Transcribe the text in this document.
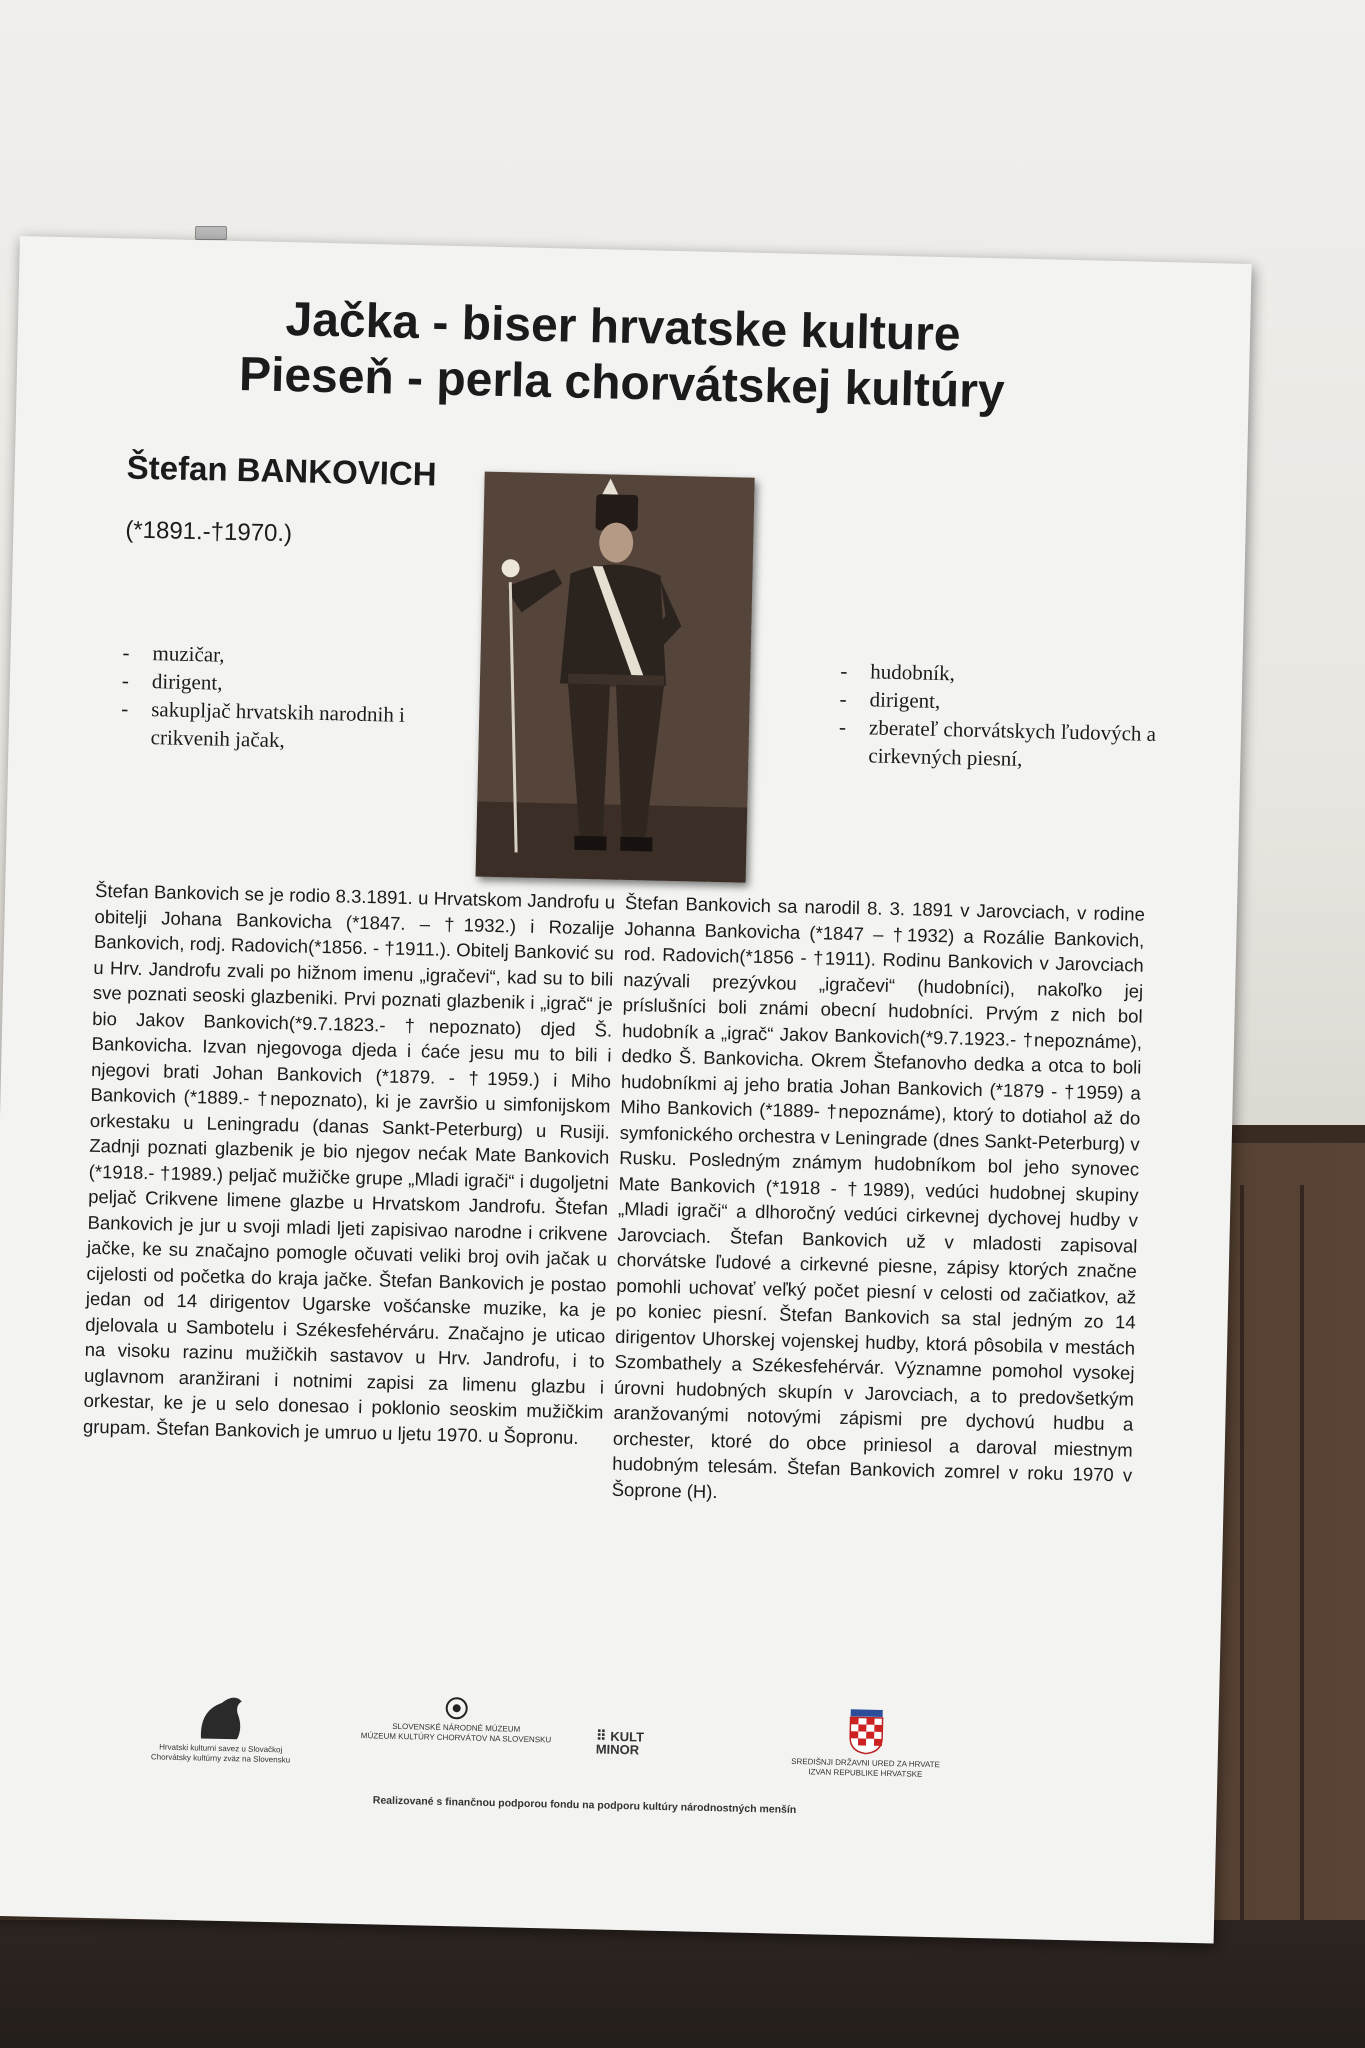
Jačka - biser hrvatske kulture
Pieseň - perla chorvátskej kultúry
Štefan BANKOVICH
(*1891.-†1970.)
- muzičar,
- dirigent,
- sakupljač hrvatskih narodnih i crikvenih jačak,
- hudobník,
- dirigent,
- zberateľ chorvátskych ľudových a cirkevných piesní,
Štefan Bankovich se je rodio 8.3.1891. u Hrvatskom Jandrofu u obitelji Johana Bankovicha (*1847. – †1932.) i Rozalije Bankovich, rodj. Radovich(*1856. - †1911.). Obitelj Banković su u Hrv. Jandrofu zvali po hižnom imenu „igračevi“, kad su to bili sve poznati seoski glazbeniki. Prvi poznati glazbenik i „igrač“ je bio Jakov Bankovich(*9.7.1823.- †nepoznato) djed Š. Bankovicha. Izvan njegovoga djeda i ćaće jesu mu to bili i njegovi brati Johan Bankovich (*1879. - †1959.) i Miho Bankovich (*1889.- †nepoznato), ki je završio u simfonijskom orkestaku u Leningradu (danas Sankt-Peterburg) u Rusiji. Zadnji poznati glazbenik je bio njegov nećak Mate Bankovich (*1918.- †1989.) peljač mužičke grupe „Mladi igrači“ i dugoljetni peljač Crikvene limene glazbe u Hrvatskom Jandrofu. Štefan Bankovich je jur u svoji mladi ljeti zapisivao narodne i crikvene jačke, ke su značajno pomogle očuvati veliki broj ovih jačak u cijelosti od početka do kraja jačke. Štefan Bankovich je postao jedan od 14 dirigentov Ugarske vošćanske muzike, ka je djelovala u Sambotelu i Székesfehérváru. Značajno je uticao na visoku razinu mužičkih sastavov u Hrv. Jandrofu, i to uglavnom aranžirani i notnimi zapisi za limenu glazbu i orkestar, ke je u selo donesao i poklonio seoskim mužičkim grupam. Štefan Bankovich je umruo u ljetu 1970. u Šopronu.
Štefan Bankovich sa narodil 8. 3. 1891 v Jarovciach, v rodine Johanna Bankovicha (*1847 – †1932) a Rozálie Bankovich, rod. Radovich(*1856 - †1911). Rodinu Bankovich v Jarovciach nazývali prezývkou „igračevi“ (hudobníci), nakoľko jej príslušníci boli známi obecní hudobníci. Prvým z nich bol hudobník a „igrač“ Jakov Bankovich(*9.7.1923.- †nepoznáme), dedko Š. Bankovicha. Okrem Štefanovho dedka a otca to boli hudobníkmi aj jeho bratia Johan Bankovich (*1879 - †1959) a Miho Bankovich (*1889- †nepoznáme), ktorý to dotiahol až do symfonického orchestra v Leningrade (dnes Sankt-Peterburg) v Rusku. Posledným známym hudobníkom bol jeho synovec Mate Bankovich (*1918 - †1989), vedúci hudobnej skupiny „Mladi igrači“ a dlhoročný vedúci cirkevnej dychovej hudby v Jarovciach. Štefan Bankovich už v mladosti zapisoval chorvátske ľudové a cirkevné piesne, zápisy ktorých značne pomohli uchovať veľký počet piesní v celosti od začiatkov, až po koniec piesní. Štefan Bankovich sa stal jedným zo 14 dirigentov Uhorskej vojenskej hudby, ktorá pôsobila v mestách Szombathely a Székesfehérvár. Významne pomohol vysokej úrovni hudobných skupín v Jarovciach, a to predovšetkým aranžovanými notovými zápismi pre dychovú hudbu a orchester, ktoré do obce priniesol a daroval miestnym hudobným telesám. Štefan Bankovich zomrel v roku 1970 v Šoprone (H).
Hrvatski kulturni savez u Slovačkoj
Chorvátsky kultúrny zväz na Slovensku
SLOVENSKÉ NÁRODNÉ MÚZEUM
MÚZEUM KULTÚRY CHORVÁTOV NA SLOVENSKU	⠿ KULT
MINOR
SREDIŠNJI DRŽAVNI URED ZA HRVATE
IZVAN REPUBLIKE HRVATSKE
Realizované s finančnou podporou fondu na podporu kultúry národnostných menšín
